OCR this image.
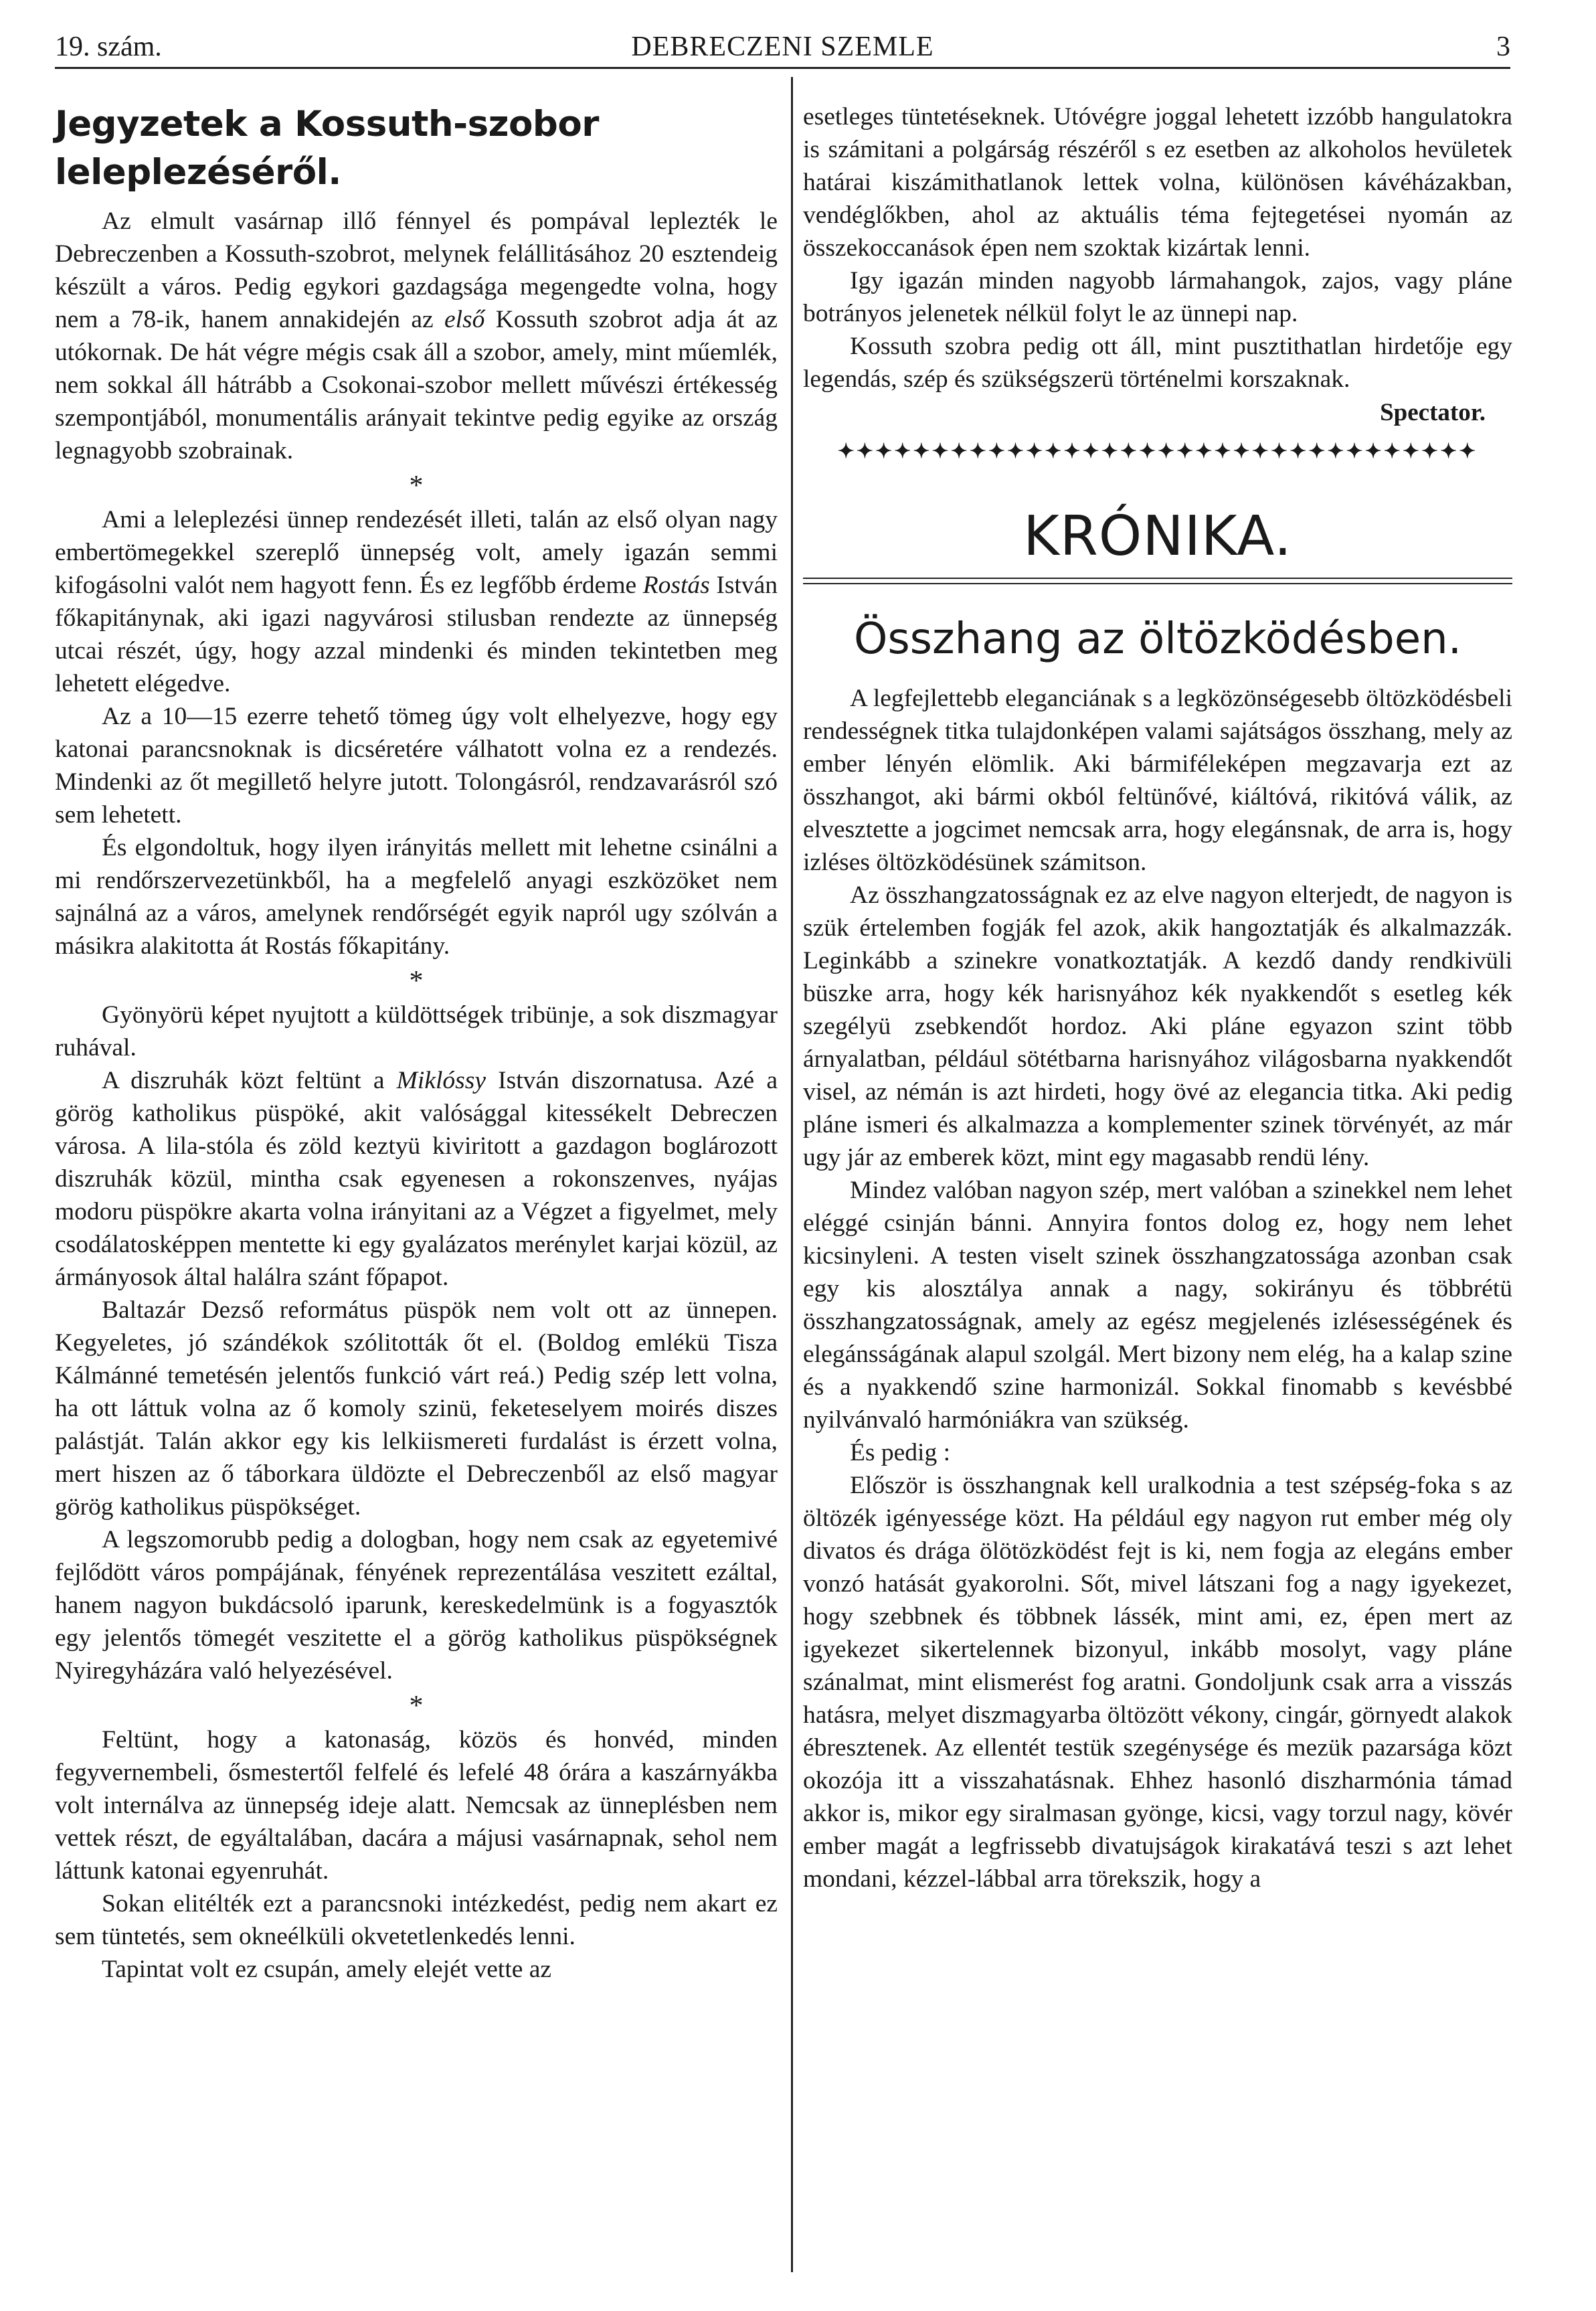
19. szám.	DEBRECZENI SZEMLE	3
Jegyzetek a Kossuth-szobor leleplezéséről.

Az elmult vasárnap illő fénnyel és pompával leplezték le Debreczenben a Kossuth-szobrot, melynek felállitásához 20 esztendeig készült a város. Pedig egykori gazdagsága megengedte volna, hogy nem a 78-ik, hanem annakidején az első Kossuth szobrot adja át az utókornak. De hát végre mégis csak áll a szobor, amely, mint műemlék, nem sokkal áll hátrább a Csokonai-szobor mellett művészi értékesség szempontjából, monumentális arányait tekintve pedig egyike az ország legnagyobb szobrainak.

*

Ami a leleplezési ünnep rendezését illeti, talán az első olyan nagy embertömegekkel szereplő ünnepség volt, amely igazán semmi kifogásolni valót nem hagyott fenn. És ez legfőbb érdeme Rostás István főkapitánynak, aki igazi nagyvárosi stilusban rendezte az ünnepség utcai részét, úgy, hogy azzal mindenki és minden tekintetben meg lehetett elégedve.

Az a 10—15 ezerre tehető tömeg úgy volt elhelyezve, hogy egy katonai parancsnoknak is dicséretére válhatott volna ez a rendezés. Mindenki az őt megillető helyre jutott. Tolongásról, rendzavarásról szó sem lehetett.

És elgondoltuk, hogy ilyen irányitás mellett mit lehetne csinálni a mi rendőrszervezetünkből, ha a megfelelő anyagi eszközöket nem sajnálná az a város, amelynek rendőrségét egyik napról ugy szólván a másikra alakitotta át Rostás főkapitány.

*

Gyönyörü képet nyujtott a küldöttségek tribünje, a sok diszmagyar ruhával.

A diszruhák közt feltünt a Miklóssy István diszornatusa. Azé a görög katholikus püspöké, akit valósággal kitessékelt Debreczen városa. A lila-stóla és zöld keztyü kiviritott a gazdagon boglározott diszruhák közül, mintha csak egyenesen a rokonszenves, nyájas modoru püspökre akarta volna irányitani az a Végzet a figyelmet, mely csodálatosképpen mentette ki egy gyalázatos merénylet karjai közül, az ármányosok által halálra szánt főpapot.

Baltazár Dezső református püspök nem volt ott az ünnepen. Kegyeletes, jó szándékok szólitották őt el. (Boldog emlékü Tisza Kálmánné temetésén jelentős funkció várt reá.) Pedig szép lett volna, ha ott láttuk volna az ő komoly szinü, feketeselyem moirés diszes palástját. Talán akkor egy kis lelkiismereti furdalást is érzett volna, mert hiszen az ő táborkara üldözte el Debreczenből az első magyar görög katholikus püspökséget.

A legszomorubb pedig a dologban, hogy nem csak az egyetemivé fejlődött város pompájának, fényének reprezentálása veszitett ezáltal, hanem nagyon bukdácsoló iparunk, kereskedelmünk is a fogyasztók egy jelentős tömegét veszitette el a görög katholikus püspökségnek Nyiregyházára való helyezésével.

*

Feltünt, hogy a katonaság, közös és honvéd, minden fegyvernembeli, ősmestertől felfelé és lefelé 48 órára a kaszárnyákba volt internálva az ünnepség ideje alatt. Nemcsak az ünneplésben nem vettek részt, de egyáltalában, dacára a májusi vasárnapnak, sehol nem láttunk katonai egyenruhát.

Sokan elitélték ezt a parancsnoki intézkedést, pedig nem akart ez sem tüntetés, sem okneélküli okvetetlenkedés lenni.

Tapintat volt ez csupán, amely elejét vette az

esetleges tüntetéseknek. Utóvégre joggal lehetett izzóbb hangulatokra is számitani a polgárság részéről s ez esetben az alkoholos hevületek határai kiszámithatlanok lettek volna, különösen kávéházakban, vendéglőkben, ahol az aktuális téma fejtegetései nyomán az összekoccanások épen nem szoktak kizártak lenni.

Igy igazán minden nagyobb lármahangok, zajos, vagy pláne botrányos jelenetek nélkül folyt le az ünnepi nap.

Kossuth szobra pedig ott áll, mint pusztithatlan hirdetője egy legendás, szép és szükségszerü történelmi korszaknak.

Spectator.
✦✦✦✦✦✦✦✦✦✦✦✦✦✦✦✦✦✦✦✦✦✦✦✦✦✦✦✦✦✦✦✦✦✦
KRÓNIKA.
Összhang az öltözködésben.

A legfejlettebb eleganciának s a legközönségesebb öltözködésbeli rendességnek titka tulajdonképen valami sajátságos összhang, mely az ember lényén elömlik. Aki bármiféleképen megzavarja ezt az összhangot, aki bármi okból feltünővé, kiáltóvá, rikitóvá válik, az elvesztette a jogcimet nemcsak arra, hogy elegánsnak, de arra is, hogy izléses öltözködésünek számitson.

Az összhangzatosságnak ez az elve nagyon elterjedt, de nagyon is szük értelemben fogják fel azok, akik hangoztatják és alkalmazzák. Leginkább a szinekre vonatkoztatják. A kezdő dandy rendkivüli büszke arra, hogy kék harisnyához kék nyakkendőt s esetleg kék szegélyü zsebkendőt hordoz. Aki pláne egyazon szint több árnyalatban, például sötétbarna harisnyához világosbarna nyakkendőt visel, az némán is azt hirdeti, hogy övé az elegancia titka. Aki pedig pláne ismeri és alkalmazza a komplementer szinek törvényét, az már ugy jár az emberek közt, mint egy magasabb rendü lény.

Mindez valóban nagyon szép, mert valóban a szinekkel nem lehet eléggé csinján bánni. Annyira fontos dolog ez, hogy nem lehet kicsinyleni. A testen viselt szinek összhangzatossága azonban csak egy kis alosztálya annak a nagy, sokirányu és többrétü összhangzatosságnak, amely az egész megjelenés izlésességének és elegánsságának alapul szolgál. Mert bizony nem elég, ha a kalap szine és a nyakkendő szine harmonizál. Sokkal finomabb s kevésbbé nyilvánvaló harmóniákra van szükség.

És pedig :

Először is összhangnak kell uralkodnia a test szépség-foka s az öltözék igényessége közt. Ha például egy nagyon rut ember még oly divatos és drága ölötözködést fejt is ki, nem fogja az elegáns ember vonzó hatását gyakorolni. Sőt, mivel látszani fog a nagy igyekezet, hogy szebbnek és többnek lássék, mint ami, ez, épen mert az igyekezet sikertelennek bizonyul, inkább mosolyt, vagy pláne szánalmat, mint elismerést fog aratni. Gondoljunk csak arra a visszás hatásra, melyet diszmagyarba öltözött vékony, cingár, görnyedt alakok ébresztenek. Az ellentét testük szegénysége és mezük pazarsága közt okozója itt a visszahatásnak. Ehhez hasonló diszharmónia támad akkor is, mikor egy siralmasan gyönge, kicsi, vagy torzul nagy, kövér ember magát a legfrissebb divatujságok kirakatává teszi s azt lehet mondani, kézzel-lábbal arra törekszik, hogy a
